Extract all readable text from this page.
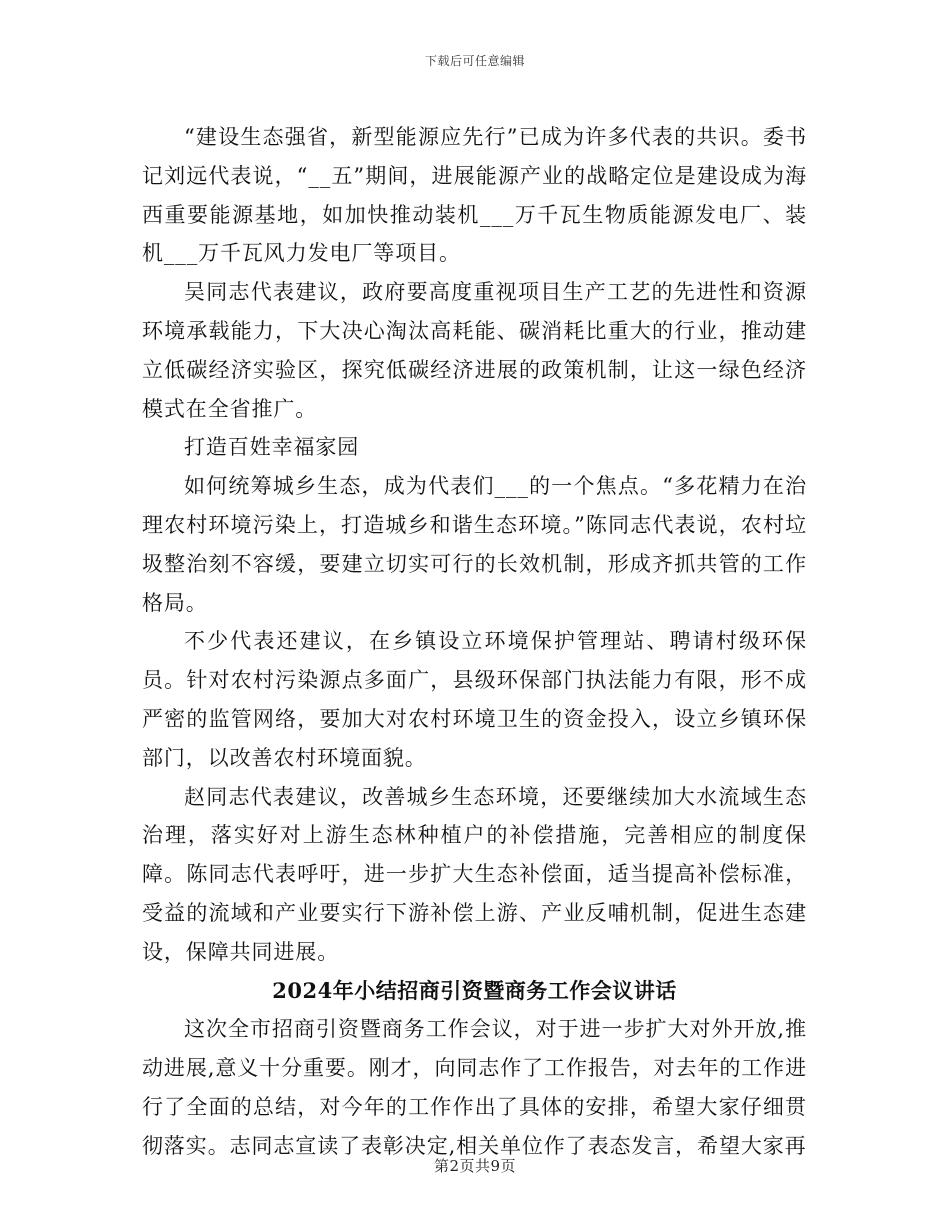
下载后可任意编辑

“建设生态强省，新型能源应先行”已成为许多代表的共识。委书记刘远代表说，“__五”期间，进展能源产业的战略定位是建设成为海西重要能源基地，如加快推动装机___万千瓦生物质能源发电厂、装机___万千瓦风力发电厂等项目。

吴同志代表建议，政府要高度重视项目生产工艺的先进性和资源环境承载能力，下大决心淘汰高耗能、碳消耗比重大的行业，推动建立低碳经济实验区，探究低碳经济进展的政策机制，让这一绿色经济模式在全省推广。

打造百姓幸福家园

如何统筹城乡生态，成为代表们___的一个焦点。“多花精力在治理农村环境污染上，打造城乡和谐生态环境。”陈同志代表说，农村垃圾整治刻不容缓，要建立切实可行的长效机制，形成齐抓共管的工作格局。

不少代表还建议，在乡镇设立环境保护管理站、聘请村级环保员。针对农村污染源点多面广，县级环保部门执法能力有限，形不成严密的监管网络，要加大对农村环境卫生的资金投入，设立乡镇环保部门，以改善农村环境面貌。

赵同志代表建议，改善城乡生态环境，还要继续加大水流域生态治理，落实好对上游生态林种植户的补偿措施，完善相应的制度保障。陈同志代表呼吁，进一步扩大生态补偿面，适当提高补偿标准，受益的流域和产业要实行下游补偿上游、产业反哺机制，促进生态建设，保障共同进展。

2024年小结招商引资暨商务工作会议讲话

这次全市招商引资暨商务工作会议，对于进一步扩大对外开放,推动进展,意义十分重要。刚才，向同志作了工作报告，对去年的工作进行了全面的总结，对今年的工作作出了具体的安排，希望大家仔细贯彻落实。志同志宣读了表彰决定,相关单位作了表态发言，希望大家再

第2页共9页
